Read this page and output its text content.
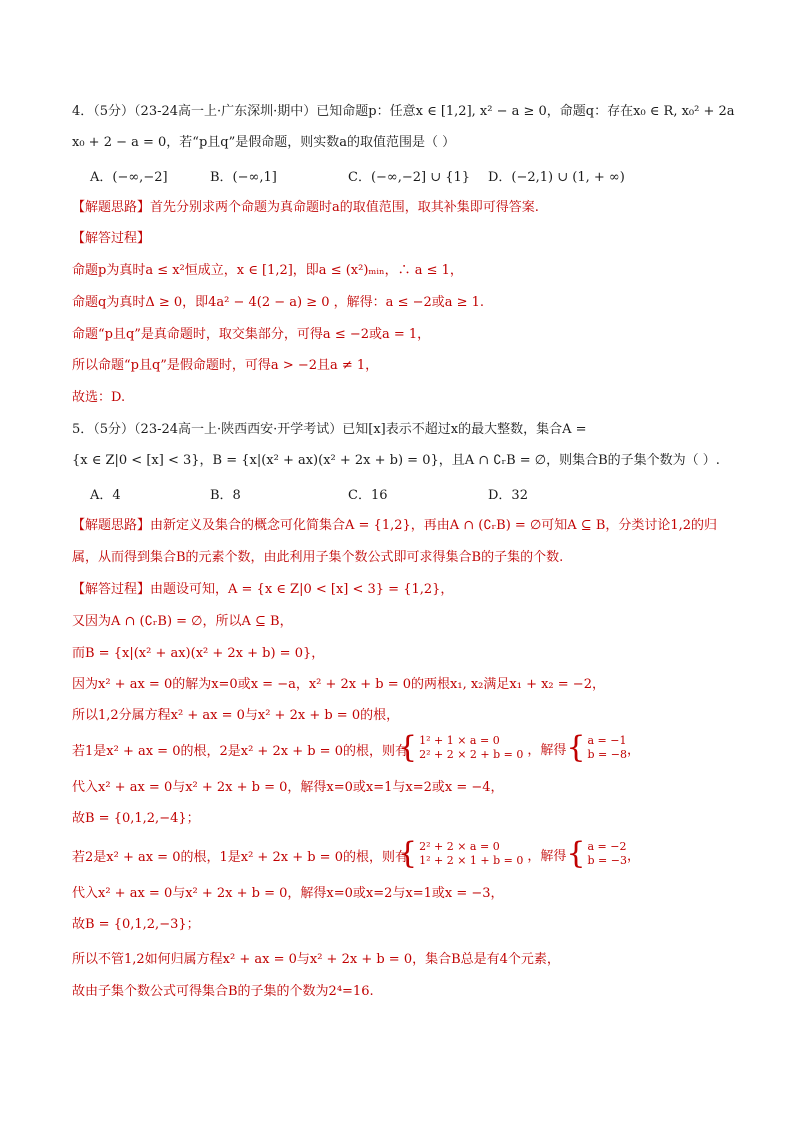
4．（5分）（23-24高一上·广东深圳·期中）已知命题p：任意x ∈ [1,2], x² − a ≥ 0，命题q：存在x₀ ∈ R, x₀² + 2a
x₀ + 2 − a = 0，若“p且q”是假命题，则实数a的取值范围是（ ）
A．(−∞,−2]	B．(−∞,1]	C．(−∞,−2] ∪ {1} D．(−2,1) ∪ (1, + ∞)
【解题思路】首先分别求两个命题为真命题时a的取值范围，取其补集即可得答案.
【解答过程】
命题p为真时a ≤ x²恒成立，x ∈ [1,2]，即a ≤ (x²)ₘᵢₙ，∴ a ≤ 1，
命题q为真时Δ ≥ 0，即4a² − 4(2 − a) ≥ 0 ，解得：a ≤ −2或a ≥ 1.
命题“p且q”是真命题时，取交集部分，可得a ≤ −2或a = 1，
所以命题“p且q”是假命题时，可得a > −2且a ≠ 1，
故选：D.
5．（5分）（23-24高一上·陕西西安·开学考试）已知[x]表示不超过x的最大整数，集合A =
{x ∈ Z|0 < [x] < 3}，B = {x|(x² + ax)(x² + 2x + b) = 0}，且A ∩ ∁ᵣB = ∅，则集合B的子集个数为（ ）.
A．4	B．8	C．16	D．32
【解题思路】由新定义及集合的概念可化简集合A = {1,2}，再由A ∩ (∁ᵣB) = ∅可知A ⊆ B，分类讨论1,2的归
属，从而得到集合B的元素个数，由此利用子集个数公式即可求得集合B的子集的个数.
【解答过程】由题设可知，A = {x ∈ Z|0 < [x] < 3} = {1,2}，
又因为A ∩ (∁ᵣB) = ∅，所以A ⊆ B，
而B = {x|(x² + ax)(x² + 2x + b) = 0}，
因为x² + ax = 0的解为x=0或x = −a，x² + 2x + b = 0的两根x₁, x₂满足x₁ + x₂ = −2，
所以1,2分属方程x² + ax = 0与x² + 2x + b = 0的根，
若1是x² + ax = 0的根，2是x² + 2x + b = 0的根，则有
{ 1² + 1 × a = 0
2² + 2 × 2 + b = 0 ，解得 { a = −1
b = −8 ，
代入x² + ax = 0与x² + 2x + b = 0，解得x=0或x=1与x=2或x = −4，
故B = {0,1,2,−4}；
若2是x² + ax = 0的根，1是x² + 2x + b = 0的根，则有
{ 2² + 2 × a = 0
1² + 2 × 1 + b = 0 ，解得 { a = −2
b = −3 ，
代入x² + ax = 0与x² + 2x + b = 0，解得x=0或x=2与x=1或x = −3，
故B = {0,1,2,−3}；
所以不管1,2如何归属方程x² + ax = 0与x² + 2x + b = 0，集合B总是有4个元素，
故由子集个数公式可得集合B的子集的个数为2⁴=16.
